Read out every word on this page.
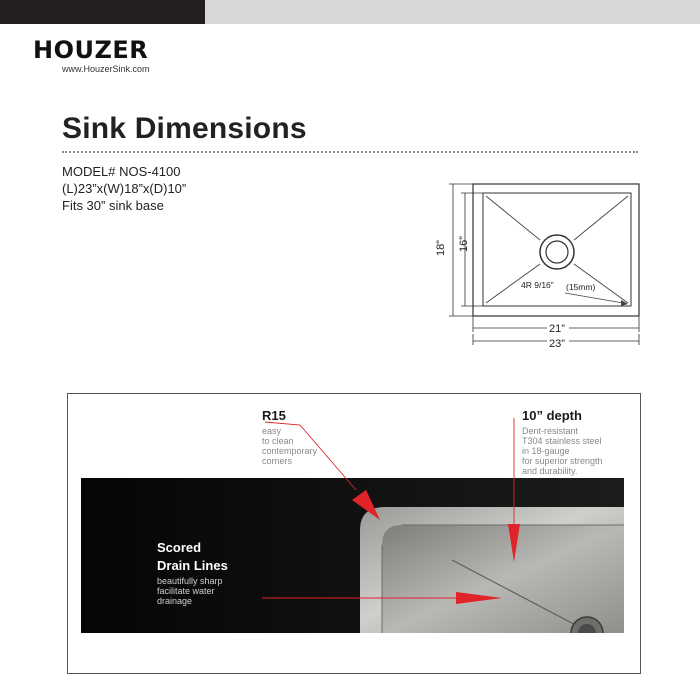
HOUZER
www.HouzerSink.com
Sink Dimensions
MODEL# NOS-4100
(L)23”x(W)18”x(D)10”
Fits 30” sink base
4R 9/16” (15mm)
18” 16”
21”
23”
R15
easy
to clean
contemporary
corners
10” depth
Dent-resistant
T304 stainless steel
in 18-gauge
for superior strength
and durability.
Scored
Drain Lines
beautifully sharp
facilitate water
drainage
